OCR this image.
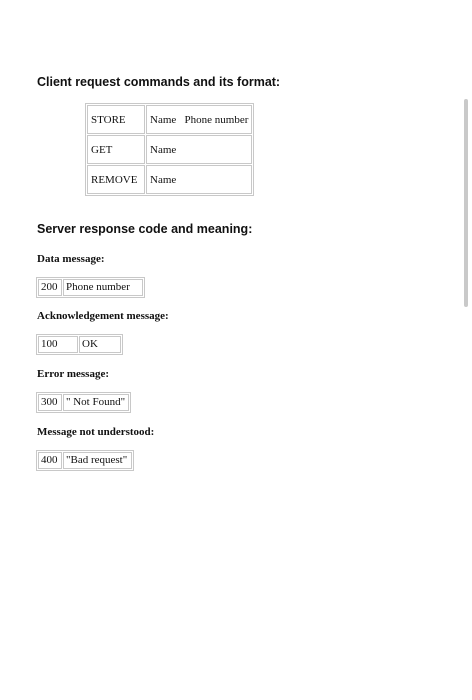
Client request commands and its format:
STORE	Name   Phone number
GET	Name
REMOVE	Name
Server response code and meaning:
Data message:
200 Phone number
Acknowledgement message:
100	OK
Error message:
300 " Not Found"
Message not understood:
400 "Bad request"
